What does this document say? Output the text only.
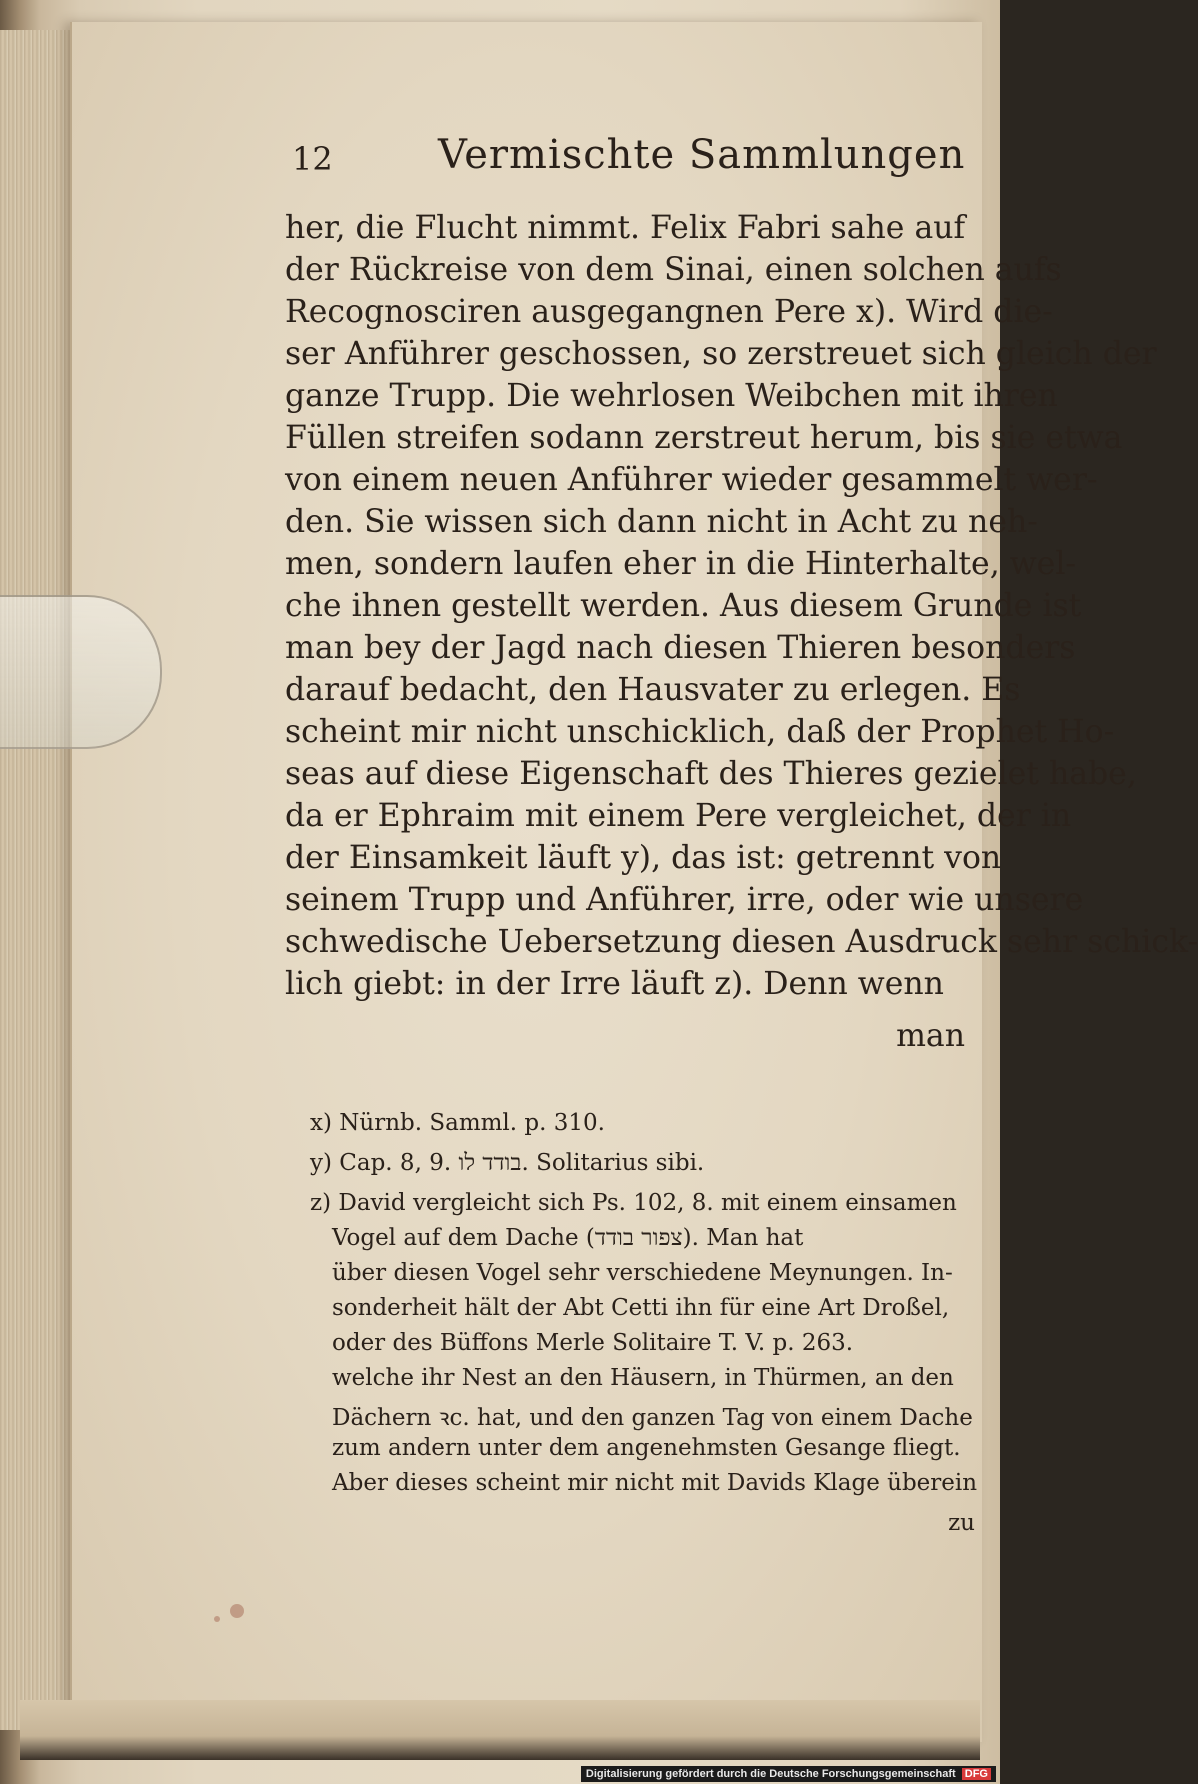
12	Vermischte Sammlungen
her, die Flucht nimmt. Felix Fabri sahe auf
der Rückreise von dem Sinai, einen solchen aufs
Recognosciren ausgegangnen Pere x). Wird die-
ser Anführer geschossen, so zerstreuet sich gleich der
ganze Trupp. Die wehrlosen Weibchen mit ihren
Füllen streifen sodann zerstreut herum, bis sie etwa
von einem neuen Anführer wieder gesammelt wer-
den. Sie wissen sich dann nicht in Acht zu neh-
men, sondern laufen eher in die Hinterhalte, wel-
che ihnen gestellt werden. Aus diesem Grunde ist
man bey der Jagd nach diesen Thieren besonders
darauf bedacht, den Hausvater zu erlegen. Es
scheint mir nicht unschicklich, daß der Prophet Ho-
seas auf diese Eigenschaft des Thieres gezielet habe,
da er Ephraim mit einem Pere vergleichet, der in
der Einsamkeit läuft y), das ist: getrennt von
seinem Trupp und Anführer, irre, oder wie unsere
schwedische Uebersetzung diesen Ausdruck sehr schick-
lich giebt: in der Irre läuft z). Denn wenn
man
x) Nürnb. Samml. p. 310.
y) Cap. 8, 9. בודד לו. Solitarius sibi.
z) David vergleicht sich Ps. 102, 8. mit einem einsamen
Vogel auf dem Dache (צפור בודד). Man hat
über diesen Vogel sehr verschiedene Meynungen. In-
sonderheit hält der Abt Cetti ihn für eine Art Droßel,
oder des Büffons Merle Solitaire T. V. p. 263.
welche ihr Nest an den Häusern, in Thürmen, an den
Dächern ꝛc. hat, und den ganzen Tag von einem Dache
zum andern unter dem angenehmsten Gesange fliegt.
Aber dieses scheint mir nicht mit Davids Klage überein
zu
Digitalisierung gefördert durch die Deutsche Forschungsgemeinschaft DFG
